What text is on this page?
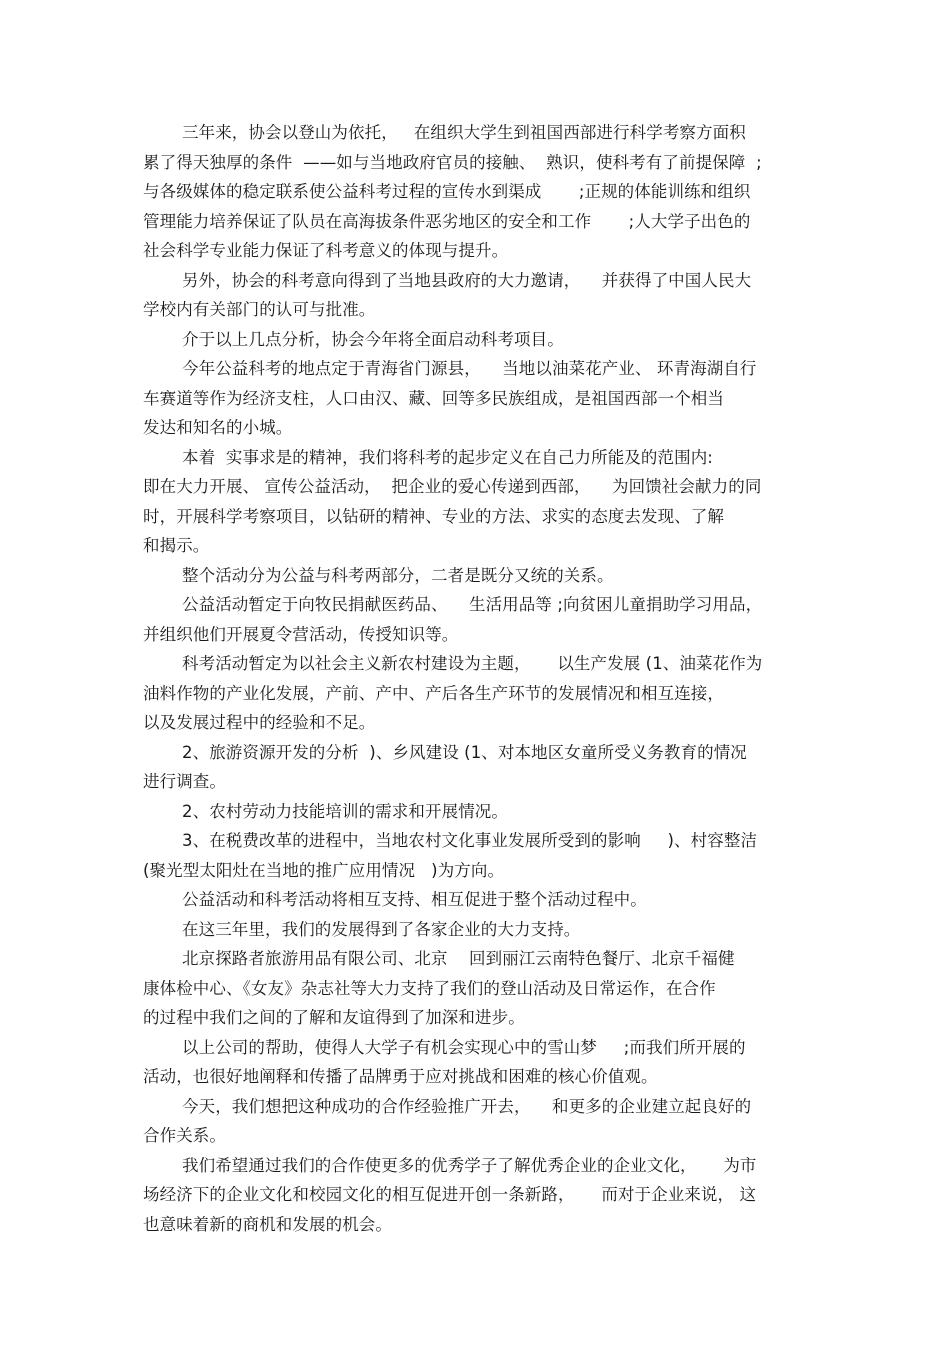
三年来，协会以登山为依托，   在组织大学生到祖国西部进行科学考察方面积
累了得天独厚的条件  ——如与当地政府官员的接触、  熟识，使科考有了前提保障  ;
与各级媒体的稳定联系使公益科考过程的宣传水到渠成       ;正规的体能训练和组织
管理能力培养保证了队员在高海拔条件恶劣地区的安全和工作       ;人大学子出色的
社会科学专业能力保证了科考意义的体现与提升。
另外，协会的科考意向得到了当地县政府的大力邀请，    并获得了中国人民大
学校内有关部门的认可与批准。
介于以上几点分析，协会今年将全面启动科考项目。
今年公益科考的地点定于青海省门源县，    当地以油菜花产业、 环青海湖自行
车赛道等作为经济支柱，人口由汉、藏、回等多民族组成，是祖国西部一个相当
发达和知名的小城。
本着  实事求是的精神，我们将科考的起步定义在自己力所能及的范围内:
即在大力开展、 宣传公益活动，  把企业的爱心传递到西部，    为回馈社会献力的同
时，开展科学考察项目，以钻研的精神、专业的方法、求实的态度去发现、了解
和揭示。
整个活动分为公益与科考两部分，二者是既分又统的关系。
公益活动暂定于向牧民捐献医药品、    生活用品等 ;向贫困儿童捐助学习用品，
并组织他们开展夏令营活动，传授知识等。
科考活动暂定为以社会主义新农村建设为主题，     以生产发展 (1、油菜花作为
油料作物的产业化发展，产前、产中、产后各生产环节的发展情况和相互连接，
以及发展过程中的经验和不足。
2、旅游资源开发的分析  )、乡风建设 (1、对本地区女童所受义务教育的情况
进行调查。
2、农村劳动力技能培训的需求和开展情况。
3、在税费改革的进程中，当地农村文化事业发展所受到的影响     )、村容整洁
(聚光型太阳灶在当地的推广应用情况   )为方向。
公益活动和科考活动将相互支持、相互促进于整个活动过程中。
在这三年里，我们的发展得到了各家企业的大力支持。
北京探路者旅游用品有限公司、北京    回到丽江云南特色餐厅、北京千福健
康体检中心、《女友》杂志社等大力支持了我们的登山活动及日常运作，在合作
的过程中我们之间的了解和友谊得到了加深和进步。
以上公司的帮助，使得人大学子有机会实现心中的雪山梦     ;而我们所开展的
活动，也很好地阐释和传播了品牌勇于应对挑战和困难的核心价值观。
今天，我们想把这种成功的合作经验推广开去，    和更多的企业建立起良好的
合作关系。
我们希望通过我们的合作使更多的优秀学子了解优秀企业的企业文化，     为市
场经济下的企业文化和校园文化的相互促进开创一条新路，     而对于企业来说， 这
也意味着新的商机和发展的机会。
